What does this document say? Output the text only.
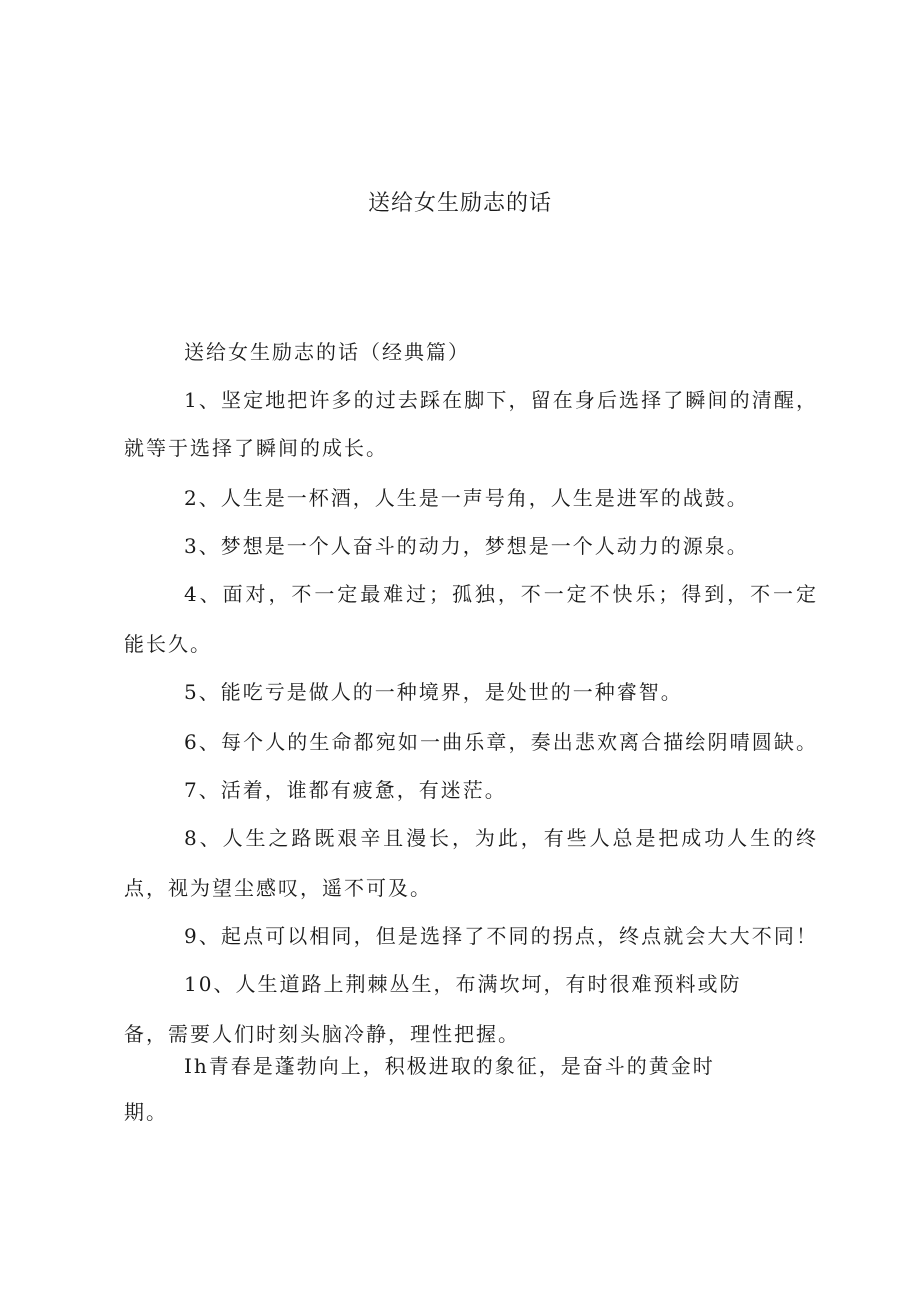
送给女生励志的话
送给女生励志的话（经典篇）
1、坚定地把许多的过去踩在脚下，留在身后选择了瞬间的清醒，
就等于选择了瞬间的成长。
2、人生是一杯酒，人生是一声号角，人生是进军的战鼓。
3、梦想是一个人奋斗的动力，梦想是一个人动力的源泉。
4、面对，不一定最难过；孤独，不一定不快乐；得到，不一定
能长久。
5、能吃亏是做人的一种境界，是处世的一种睿智。
6、每个人的生命都宛如一曲乐章，奏出悲欢离合描绘阴晴圆缺。
7、活着，谁都有疲惫，有迷茫。
8、人生之路既艰辛且漫长，为此，有些人总是把成功人生的终
点，视为望尘感叹，遥不可及。
9、起点可以相同，但是选择了不同的拐点，终点就会大大不同！
10、人生道路上荆棘丛生，布满坎坷，有时很难预料或防
备，需要人们时刻头脑冷静，理性把握。
Ih青春是蓬勃向上，积极进取的象征，是奋斗的黄金时
期。
